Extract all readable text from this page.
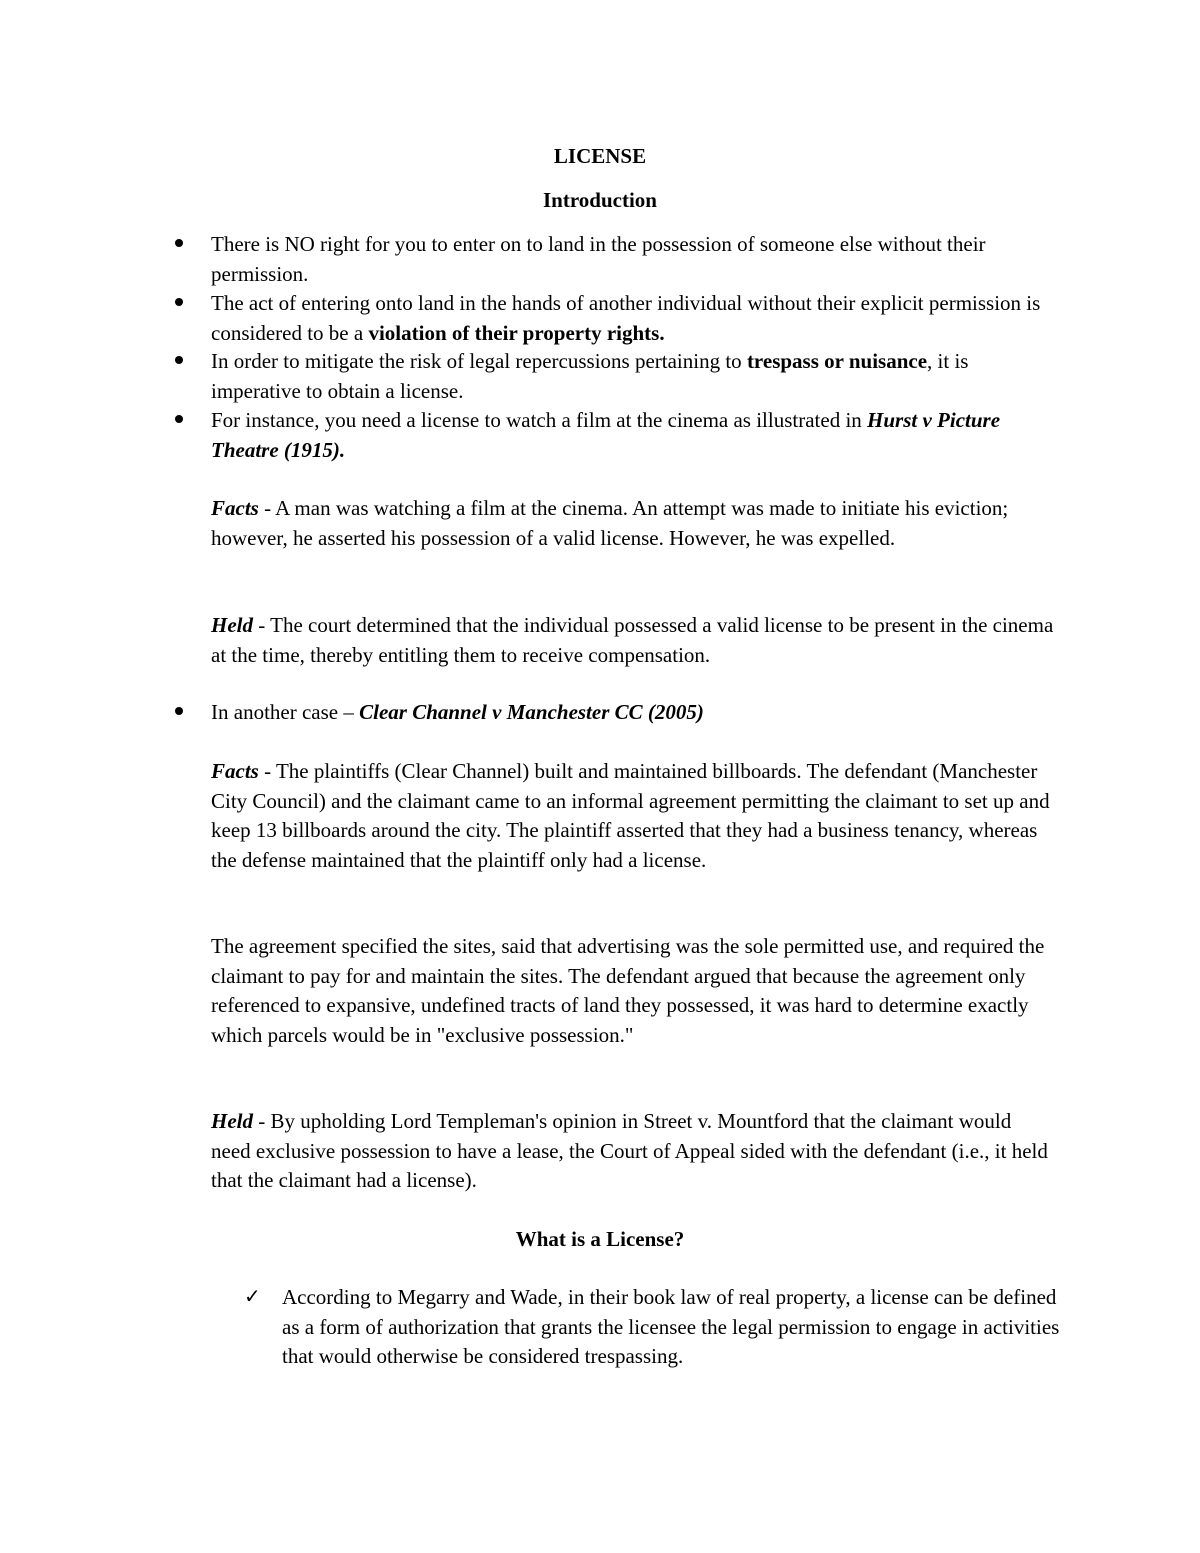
LICENSE
Introduction

There is NO right for you to enter on to land in the possession of someone else without their permission.

The act of entering onto land in the hands of another individual without their explicit permission is considered to be a violation of their property rights.

In order to mitigate the risk of legal repercussions pertaining to trespass or nuisance, it is imperative to obtain a license.

For instance, you need a license to watch a film at the cinema as illustrated in Hurst v Picture Theatre (1915).

Facts - A man was watching a film at the cinema. An attempt was made to initiate his eviction; however, he asserted his possession of a valid license. However, he was expelled.

Held - The court determined that the individual possessed a valid license to be present in the cinema at the time, thereby entitling them to receive compensation.

In another case – Clear Channel v Manchester CC (2005)

Facts - The plaintiffs (Clear Channel) built and maintained billboards. The defendant (Manchester City Council) and the claimant came to an informal agreement permitting the claimant to set up and keep 13 billboards around the city. The plaintiff asserted that they had a business tenancy, whereas the defense maintained that the plaintiff only had a license.

The agreement specified the sites, said that advertising was the sole permitted use, and required the claimant to pay for and maintain the sites. The defendant argued that because the agreement only referenced to expansive, undefined tracts of land they possessed, it was hard to determine exactly which parcels would be in "exclusive possession."

Held - By upholding Lord Templeman's opinion in Street v. Mountford that the claimant would need exclusive possession to have a lease, the Court of Appeal sided with the defendant (i.e., it held that the claimant had a license).

What is a License?
✓ According to Megarry and Wade, in their book law of real property, a license can be defined as a form of authorization that grants the licensee the legal permission to engage in activities that would otherwise be considered trespassing.
